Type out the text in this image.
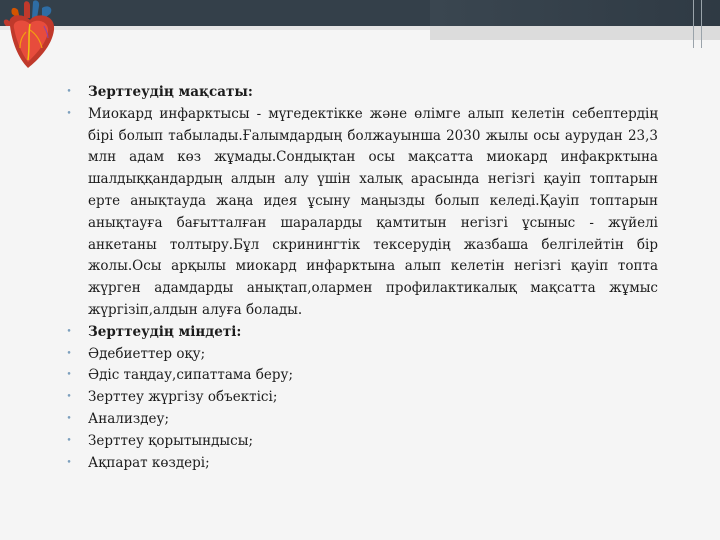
•	Зерттеудің мақсаты:
•	Миокард инфарктысы - мүгедектікке және өлімге алып келетін себептердің бірі болып табылады.Ғалымдардың болжауынша 2030 жылы осы аурудан 23,3 млн адам көз жұмады.Сондықтан осы мақсатта миокард инфакрктына шалдыққандардың алдын алу үшін халық арасында негізгі қауіп топтарын ерте анықтауда жаңа идея ұсыну маңызды болып келеді.Қауіп топтарын анықтауға бағытталған шараларды қамтитын негізгі ұсыныс - жүйелі анкетаны толтыру.Бұл скринингтік тексерудің жазбаша белгілейтін бір жолы.Осы арқылы миокард инфарктына алып келетін негізгі қауіп топта жүрген адамдарды анықтап,олармен профилактикалық мақсатта жұмыс жүргізіп,алдын алуға болады.
•	Зерттеудің міндеті:
•	Әдебиеттер оқу;
•	Әдіс таңдау,сипаттама беру;
•	Зерттеу жүргізу объектісі;
•	Анализдеу;
•	Зерттеу қорытындысы;
•	Ақпарат көздері;
